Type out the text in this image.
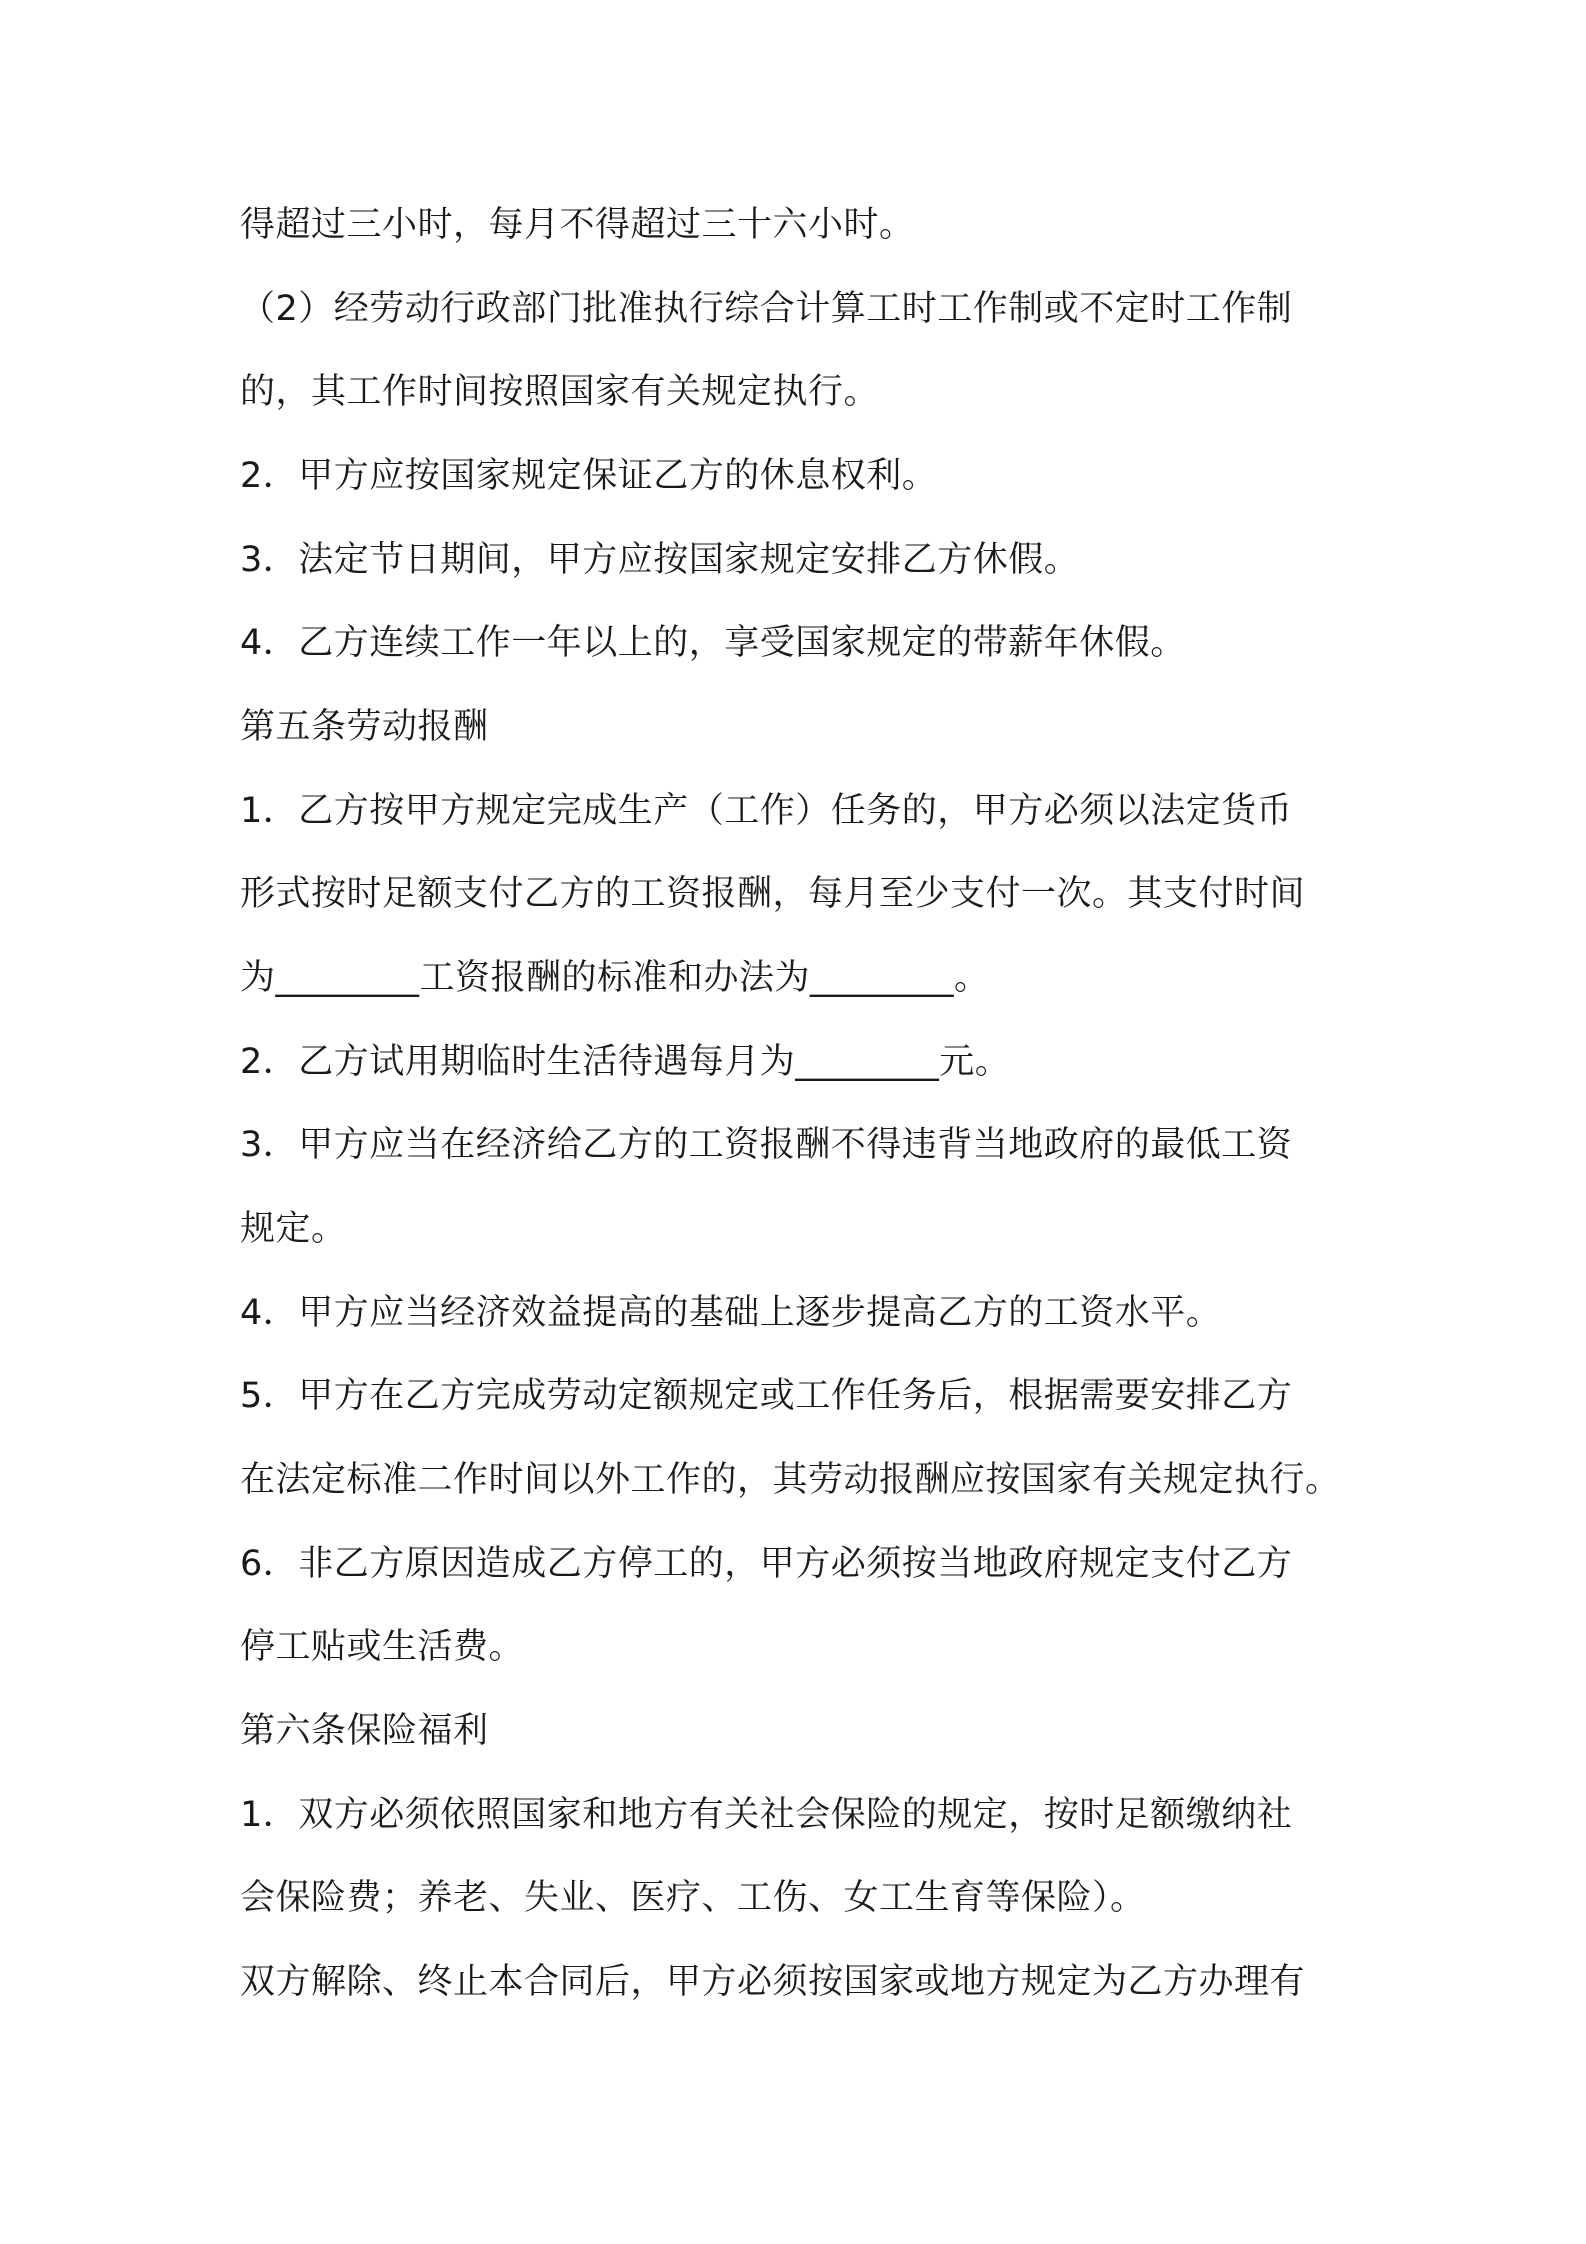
得超过三小时，每月不得超过三十六小时。
（2）经劳动行政部门批准执行综合计算工时工作制或不定时工作制
的，其工作时间按照国家有关规定执行。
2．甲方应按国家规定保证乙方的休息权利。
3．法定节日期间，甲方应按国家规定安排乙方休假。
4．乙方连续工作一年以上的，享受国家规定的带薪年休假。
第五条劳动报酬
1．乙方按甲方规定完成生产（工作）任务的，甲方必须以法定货币
形式按时足额支付乙方的工资报酬，每月至少支付一次。其支付时间
为________工资报酬的标准和办法为________。
2．乙方试用期临时生活待遇每月为________元。
3．甲方应当在经济给乙方的工资报酬不得违背当地政府的最低工资
规定。
4．甲方应当经济效益提高的基础上逐步提高乙方的工资水平。
5．甲方在乙方完成劳动定额规定或工作任务后，根据需要安排乙方
在法定标准二作时间以外工作的，其劳动报酬应按国家有关规定执行。
6．非乙方原因造成乙方停工的，甲方必须按当地政府规定支付乙方
停工贴或生活费。
第六条保险福利
1．双方必须依照国家和地方有关社会保险的规定，按时足额缴纳社
会保险费；养老、失业、医疗、工伤、女工生育等保险）。
双方解除、终止本合同后，甲方必须按国家或地方规定为乙方办理有
